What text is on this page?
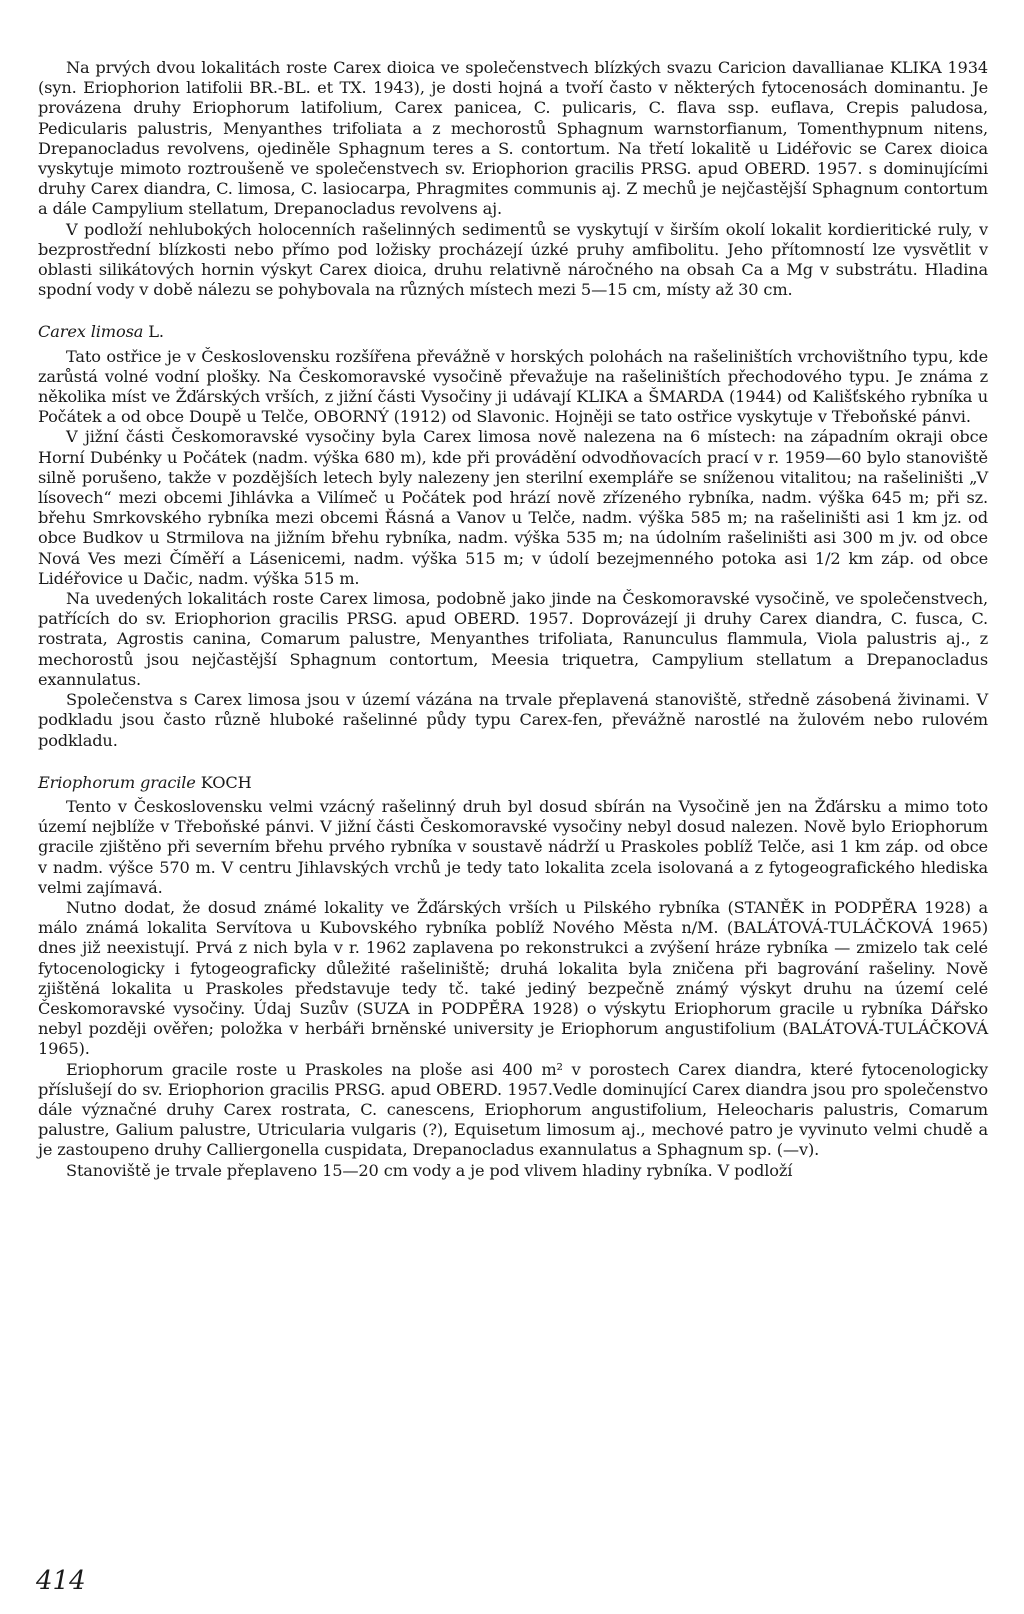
Na prvých dvou lokalitách roste Carex dioica ve společenstvech blízkých svazu Caricion davallianae KLIKA 1934 (syn. Eriophorion latifolii BR.-BL. et TX. 1943), je dosti hojná a tvoří často v některých fytocenosách dominantu. Je provázena druhy Eriophorum latifolium, Carex panicea, C. pulicaris, C. flava ssp. euflava, Crepis paludosa, Pedicularis palustris, Menyanthes trifoliata a z mechorostů Sphagnum warnstorfianum, Tomenthypnum nitens, Drepanocladus revolvens, ojediněle Sphagnum teres a S. contortum. Na třetí lokalitě u Lidéřovic se Carex dioica vyskytuje mimoto roztroušeně ve společenstvech sv. Eriophorion gracilis PRSG. apud OBERD. 1957. s dominujícími druhy Carex diandra, C. limosa, C. lasiocarpa, Phragmites communis aj. Z mechů je nejčastější Sphagnum contortum a dále Campylium stellatum, Drepanocladus revolvens aj.

V podloží nehlubokých holocenních rašelinných sedimentů se vyskytují v širším okolí lokalit kordieritické ruly, v bezprostřední blízkosti nebo přímo pod ložisky procházejí úzké pruhy amfibolitu. Jeho přítomností lze vysvětlit v oblasti silikátových hornin výskyt Carex dioica, druhu relativně náročného na obsah Ca a Mg v substrátu. Hladina spodní vody v době nálezu se pohybovala na různých místech mezi 5—15 cm, místy až 30 cm.

Carex limosa L.

Tato ostřice je v Československu rozšířena převážně v horských polohách na rašeliništích vrchovištního typu, kde zarůstá volné vodní plošky. Na Českomoravské vysočině převažuje na rašeliništích přechodového typu. Je známa z několika míst ve Žďárských vrších, z jižní části Vysočiny ji udávají KLIKA a ŠMARDA (1944) od Kališťského rybníka u Počátek a od obce Doupě u Telče, OBORNÝ (1912) od Slavonic. Hojněji se tato ostřice vyskytuje v Třeboňské pánvi.

V jižní části Českomoravské vysočiny byla Carex limosa nově nalezena na 6 místech: na západním okraji obce Horní Dubénky u Počátek (nadm. výška 680 m), kde při provádění odvodňovacích prací v r. 1959—60 bylo stanoviště silně porušeno, takže v pozdějších letech byly nalezeny jen sterilní exempláře se sníženou vitalitou; na rašeliništi „V lísovech“ mezi obcemi Jihlávka a Vilímeč u Počátek pod hrází nově zřízeného rybníka, nadm. výška 645 m; při sz. břehu Smrkovského rybníka mezi obcemi Řásná a Vanov u Telče, nadm. výška 585 m; na rašeliništi asi 1 km jz. od obce Budkov u Strmilova na jižním břehu rybníka, nadm. výška 535 m; na údolním rašeliništi asi 300 m jv. od obce Nová Ves mezi Číměří a Lásenicemi, nadm. výška 515 m; v údolí bezejmenného potoka asi 1/2 km záp. od obce Lidéřovice u Dačic, nadm. výška 515 m.

Na uvedených lokalitách roste Carex limosa, podobně jako jinde na Českomoravské vysočině, ve společenstvech, patřících do sv. Eriophorion gracilis PRSG. apud OBERD. 1957. Doprovázejí ji druhy Carex diandra, C. fusca, C. rostrata, Agrostis canina, Comarum palustre, Menyanthes trifoliata, Ranunculus flammula, Viola palustris aj., z mechorostů jsou nejčastější Sphagnum contortum, Meesia triquetra, Campylium stellatum a Drepanocladus exannulatus.

Společenstva s Carex limosa jsou v území vázána na trvale přeplavená stanoviště, středně zásobená živinami. V podkladu jsou často různě hluboké rašelinné půdy typu Carex-fen, převážně narostlé na žulovém nebo rulovém podkladu.

Eriophorum gracile KOCH

Tento v Československu velmi vzácný rašelinný druh byl dosud sbírán na Vysočině jen na Žďársku a mimo toto území nejblíže v Třeboňské pánvi. V jižní části Českomoravské vysočiny nebyl dosud nalezen. Nově bylo Eriophorum gracile zjištěno při severním břehu prvého rybníka v soustavě nádrží u Praskoles poblíž Telče, asi 1 km záp. od obce v nadm. výšce 570 m. V centru Jihlavských vrchů je tedy tato lokalita zcela isolovaná a z fytogeografického hlediska velmi zajímavá.

Nutno dodat, že dosud známé lokality ve Žďárských vrších u Pilského rybníka (STANĚK in PODPĚRA 1928) a málo známá lokalita Servítova u Kubovského rybníka poblíž Nového Města n/M. (BALÁTOVÁ-TULÁČKOVÁ 1965) dnes již neexistují. Prvá z nich byla v r. 1962 zaplavena po rekonstrukci a zvýšení hráze rybníka — zmizelo tak celé fytocenologicky i fytogeograficky důležité rašeliniště; druhá lokalita byla zničena při bagrování rašeliny. Nově zjištěná lokalita u Praskoles představuje tedy tč. také jediný bezpečně známý výskyt druhu na území celé Českomoravské vysočiny. Údaj Suzův (SUZA in PODPĚRA 1928) o výskytu Eriophorum gracile u rybníka Dářsko nebyl později ověřen; položka v herbáři brněnské university je Eriophorum angustifolium (BALÁTOVÁ-TULÁČKOVÁ 1965).

Eriophorum gracile roste u Praskoles na ploše asi 400 m² v porostech Carex diandra, které fytocenologicky příslušejí do sv. Eriophorion gracilis PRSG. apud OBERD. 1957.Vedle dominující Carex diandra jsou pro společenstvo dále význačné druhy Carex rostrata, C. canescens, Eriophorum angustifolium, Heleocharis palustris, Comarum palustre, Galium palustre, Utricularia vulgaris (?), Equisetum limosum aj., mechové patro je vyvinuto velmi chudě a je zastoupeno druhy Calliergonella cuspidata, Drepanocladus exannulatus a Sphagnum sp. (—v).

Stanoviště je trvale přeplaveno 15—20 cm vody a je pod vlivem hladiny rybníka. V podloží

414
